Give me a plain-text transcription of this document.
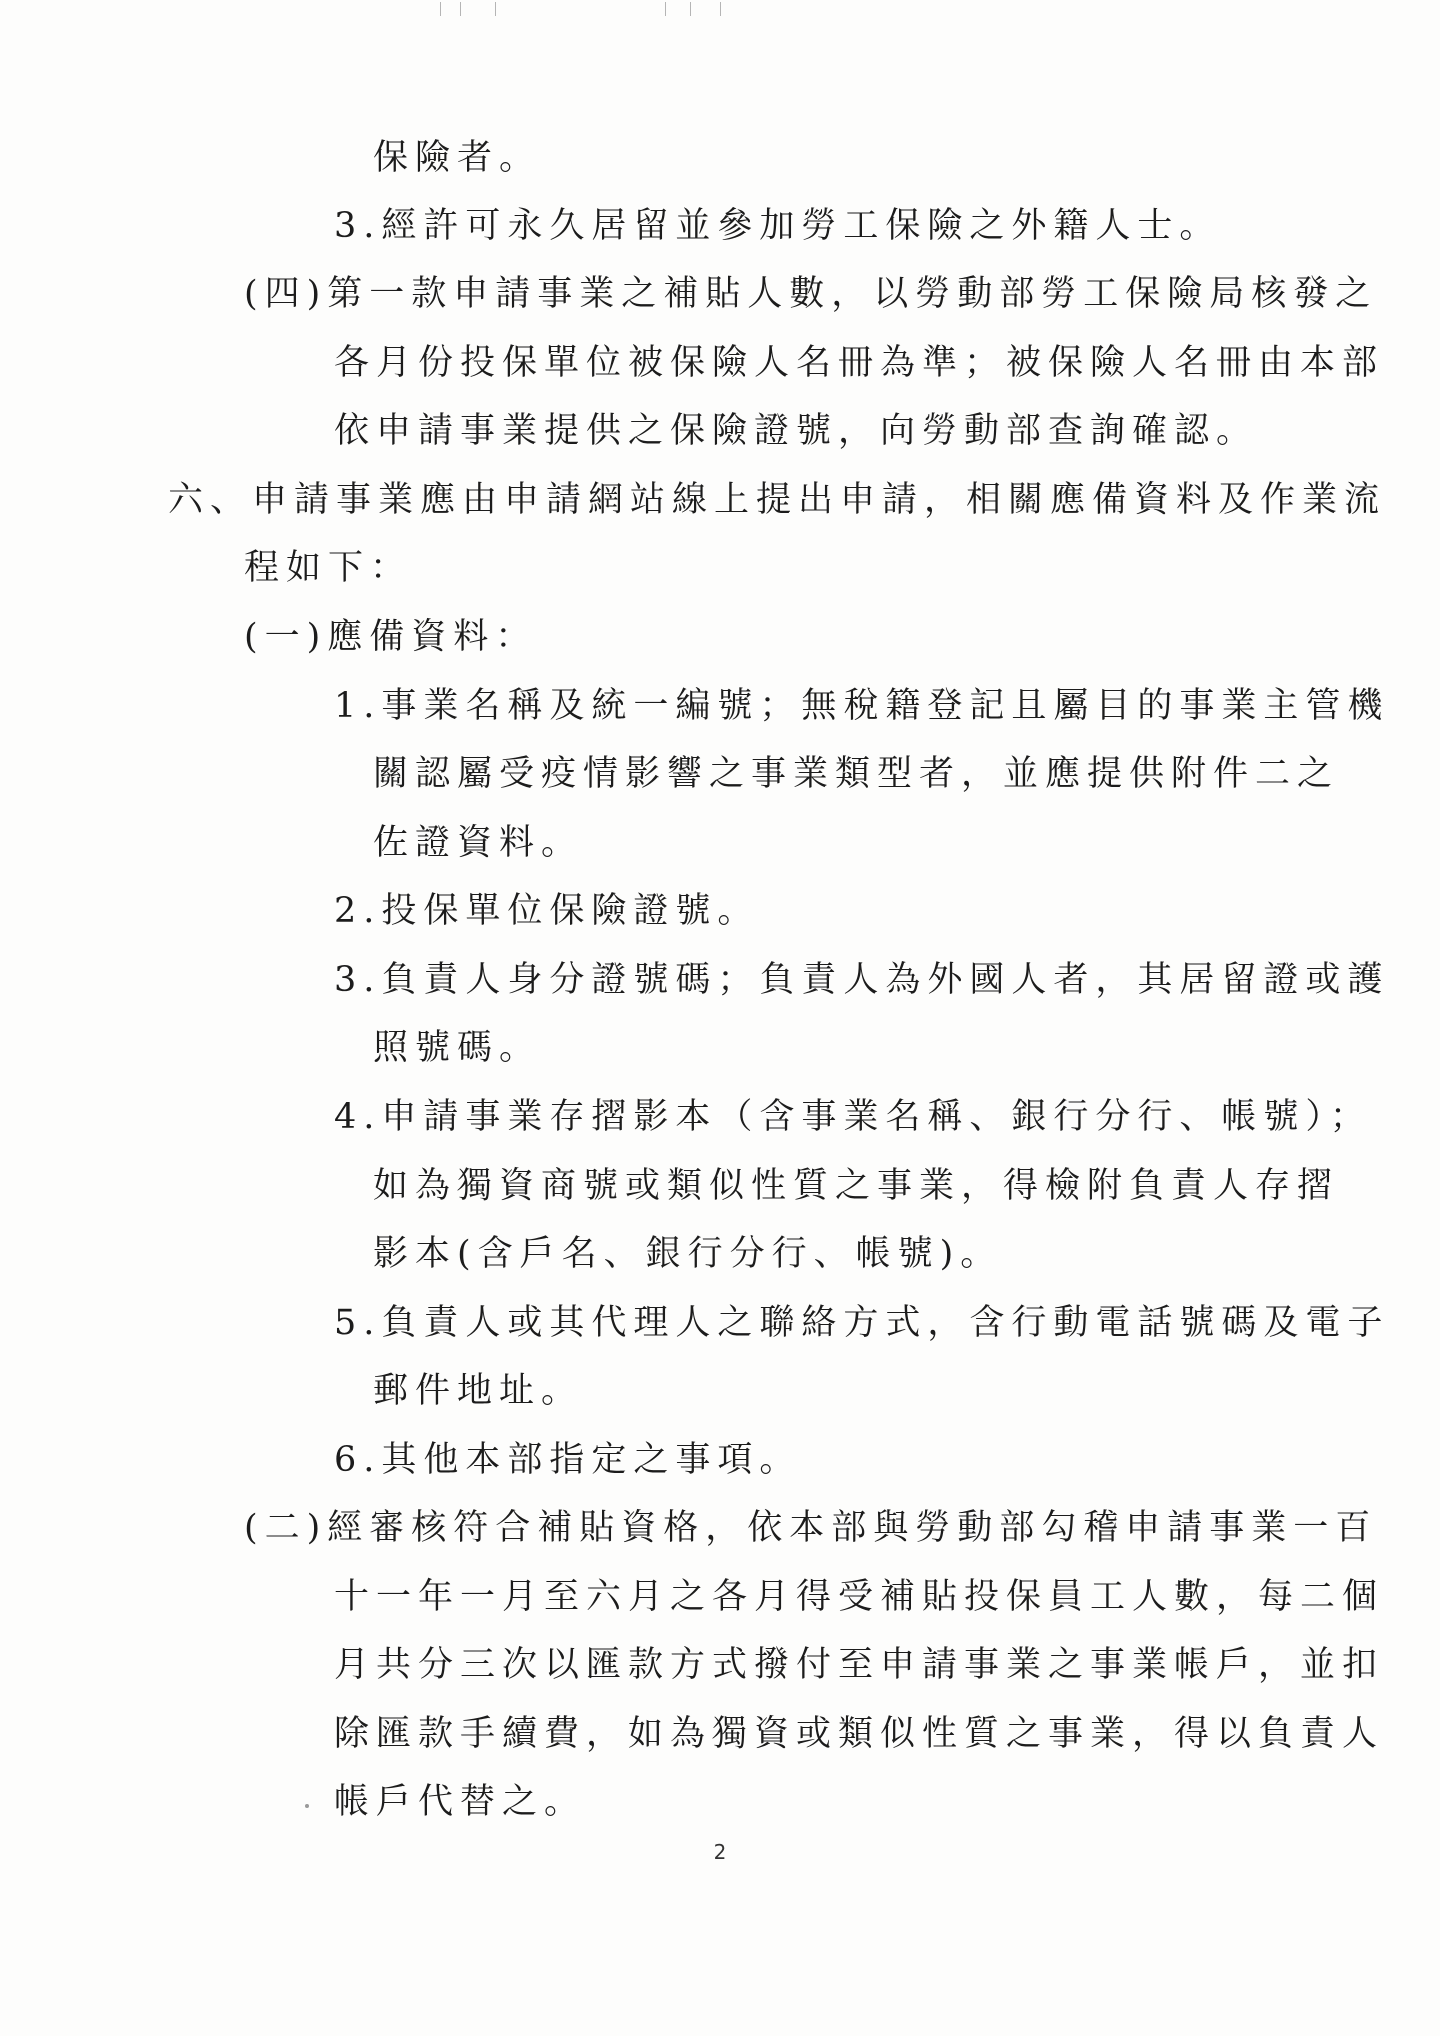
保險者。
3.經許可永久居留並參加勞工保險之外籍人士。
(四)第一款申請事業之補貼人數，以勞動部勞工保險局核發之
各月份投保單位被保險人名冊為準；被保險人名冊由本部
依申請事業提供之保險證號，向勞動部查詢確認。
六、申請事業應由申請網站線上提出申請，相關應備資料及作業流
程如下：
(一)應備資料：
1.事業名稱及統一編號；無稅籍登記且屬目的事業主管機
關認屬受疫情影響之事業類型者，並應提供附件二之
佐證資料。
2.投保單位保險證號。
3.負責人身分證號碼；負責人為外國人者，其居留證或護
照號碼。
4.申請事業存摺影本（含事業名稱、銀行分行、帳號）；
如為獨資商號或類似性質之事業，得檢附負責人存摺
影本(含戶名、銀行分行、帳號)。
5.負責人或其代理人之聯絡方式，含行動電話號碼及電子
郵件地址。
6.其他本部指定之事項。
(二)經審核符合補貼資格，依本部與勞動部勾稽申請事業一百
十一年一月至六月之各月得受補貼投保員工人數，每二個
月共分三次以匯款方式撥付至申請事業之事業帳戶，並扣
除匯款手續費，如為獨資或類似性質之事業，得以負責人
帳戶代替之。
2
